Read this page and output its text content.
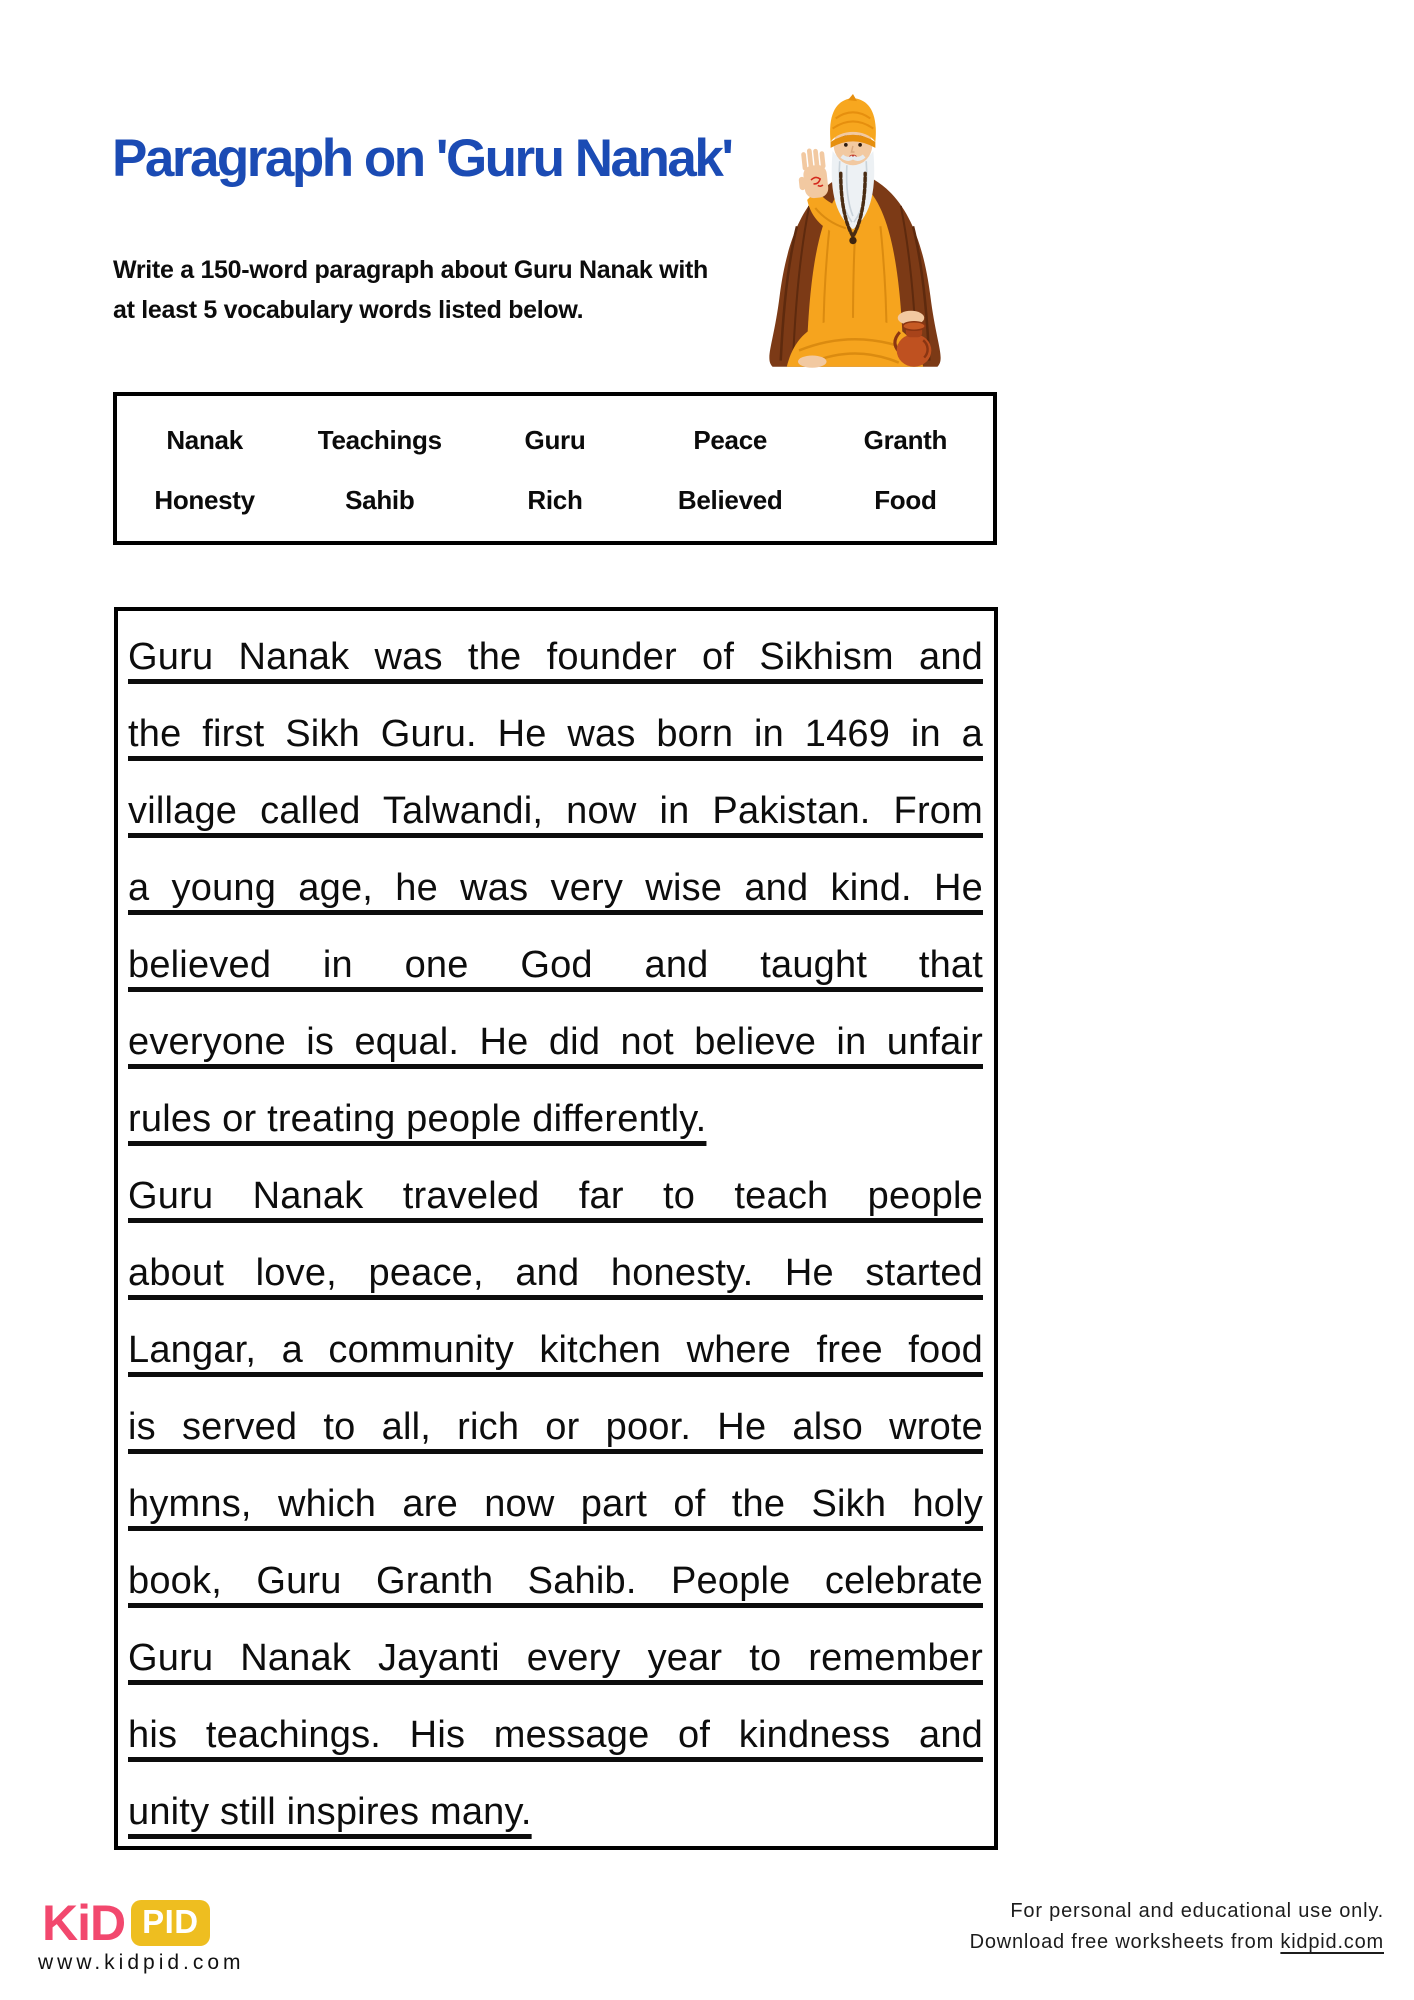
Paragraph on 'Guru Nanak'
Write a 150-word paragraph about Guru Nanak with
at least 5 vocabulary words listed below.
Nanak	Teachings	Guru	Peace	Granth
Honesty	Sahib	Rich	Believed	Food
Guru Nanak was the founder of Sikhism and
the first Sikh Guru. He was born in 1469 in a
village called Talwandi, now in Pakistan. From
a young age, he was very wise and kind. He
believed in one God and taught that
everyone is equal. He did not believe in unfair
rules or treating people differently.
Guru Nanak traveled far to teach people
about love, peace, and honesty. He started
Langar, a community kitchen where free food
is served to all, rich or poor. He also wrote
hymns, which are now part of the Sikh holy
book, Guru Granth Sahib. People celebrate
Guru Nanak Jayanti every year to remember
his teachings. His message of kindness and
unity still inspires many.
KiD PID
www.kidpid.com
For personal and educational use only.
Download free worksheets from kidpid.com
